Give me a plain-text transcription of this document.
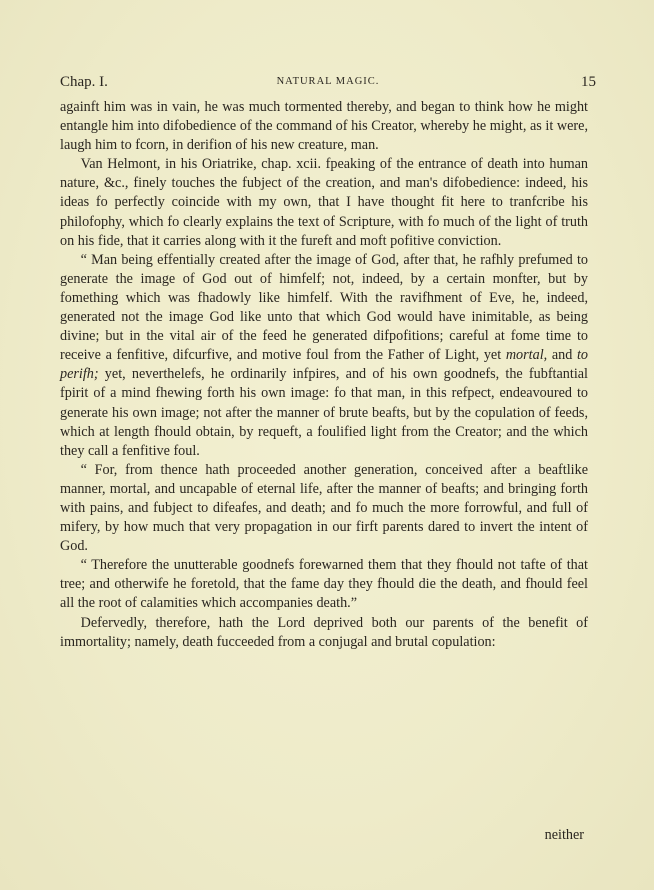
Chap. I.	NATURAL MAGIC.	15

againft him was in vain, he was much tormented thereby, and began to think how he might entangle him into difobedience of the command of his Creator, whereby he might, as it were, laugh him to fcorn, in derifion of his new creature, man.

Van Helmont, in his Oriatrike, chap. xcii. fpeaking of the entrance of death into human nature, &c., finely touches the fubject of the creation, and man's difobedience: indeed, his ideas fo perfectly coincide with my own, that I have thought fit here to tranfcribe his philofophy, which fo clearly explains the text of Scripture, with fo much of the light of truth on his fide, that it carries along with it the fureft and moft pofitive conviction.

“ Man being effentially created after the image of God, after that, he rafhly prefumed to generate the image of God out of himfelf; not, indeed, by a certain monfter, but by fomething which was fhadowly like himfelf. With the ravifhment of Eve, he, indeed, generated not the image God like unto that which God would have inimitable, as being divine; but in the vital air of the feed he generated difpofitions; careful at fome time to receive a fenfitive, difcurfive, and motive foul from the Father of Light, yet mortal, and to perifh; yet, neverthelefs, he ordinarily infpires, and of his own goodnefs, the fubftantial fpirit of a mind fhewing forth his own image: fo that man, in this refpect, endeavoured to generate his own image; not after the manner of brute beafts, but by the copulation of feeds, which at length fhould obtain, by requeft, a foulified light from the Creator; and the which they call a fenfitive foul.

“ For, from thence hath proceeded another generation, conceived after a beaftlike manner, mortal, and uncapable of eternal life, after the manner of beafts; and bringing forth with pains, and fubject to difeafes, and death; and fo much the more forrowful, and full of mifery, by how much that very propagation in our firft parents dared to invert the intent of God.

“ Therefore the unutterable goodnefs forewarned them that they fhould not tafte of that tree; and otherwife he foretold, that the fame day they fhould die the death, and fhould feel all the root of calamities which accompanies death.”

Defervedly, therefore, hath the Lord deprived both our parents of the benefit of immortality; namely, death fucceeded from a conjugal and brutal copulation:

neither
